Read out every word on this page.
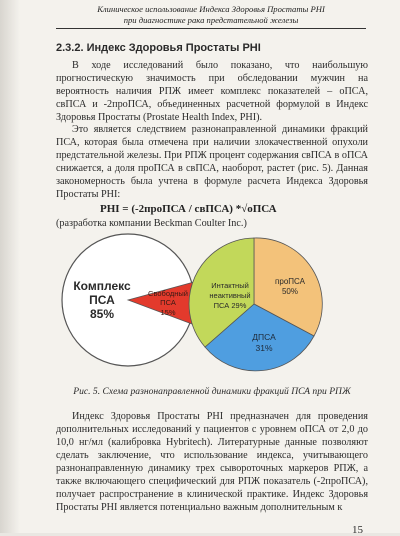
Клиническое использование Индекса Здоровья Простаты PHI
при диагностике рака предстательной железы
2.3.2. Индекс Здоровья Простаты PHI
В ходе исследований было показано, что наибольшую прогностическую значимость при обследовании мужчин на вероятность наличия РПЖ имеет комплекс показателей – оПСА, свПСА и -2проПСА, объединенных расчетной формулой в Индекс Здоровья Простаты (Prostate Health Index, PHI).
Это является следствием разнонаправленной динамики фракций ПСА, которая была отмечена при наличии злокачественной опухоли предстательной железы. При РПЖ процент содержания свПСА в оПСА снижается, а доля проПСА в свПСА, наоборот, растет (рис. 5). Данная закономерность была учтена в формуле расчета Индекса Здоровья Простаты PHI:
PHI = (-2проПСА / свПСА) *√оПСА
(разработка компании Beckman Coulter Inc.)
Комплекс
ПСА
85%
Свободный
ПСА
15%
Интактный
неактивный
ПСА 29%
проПСА
50%
ДПСА
31%
Рис. 5. Схема разнонаправленной динамики фракций ПСА при РПЖ
Индекс Здоровья Простаты PHI предназначен для проведения дополнительных исследований у пациентов с уровнем оПСА от 2,0 до 10,0 нг/мл (калибровка Hybritech). Литературные данные позволяют сделать заключение, что использование индекса, учитывающего разнонаправленную динамику трех сывороточных маркеров РПЖ, а также включающего специфический для РПЖ показатель (-2проПСА), получает распространение в клинической практике. Индекс Здоровья Простаты PHI является потенциально важным дополнительным к
15
